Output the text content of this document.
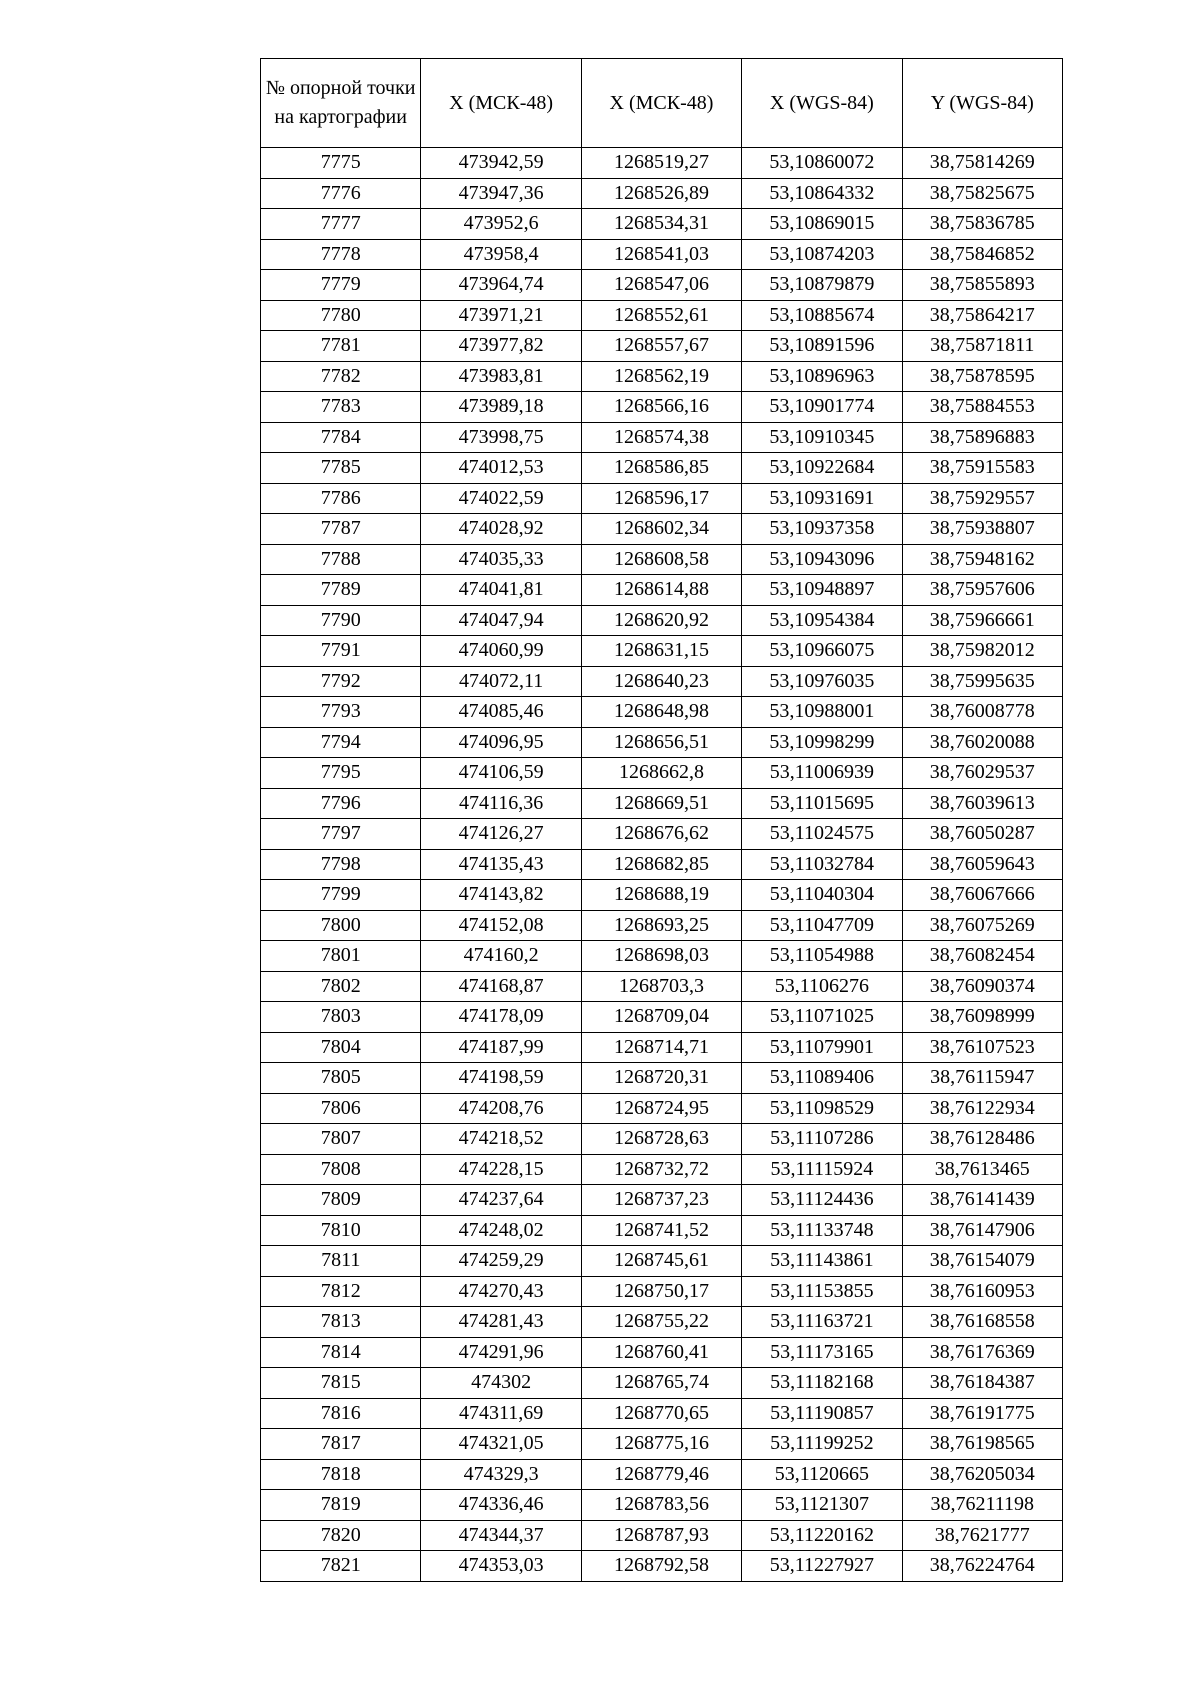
№ опорной точки на картографии	X (МСК-48)	X (МСК-48)	X (WGS-84)	Y (WGS-84)
7775	473942,59	1268519,27	53,10860072	38,75814269
7776	473947,36	1268526,89	53,10864332	38,75825675
7777	473952,6	1268534,31	53,10869015	38,75836785
7778	473958,4	1268541,03	53,10874203	38,75846852
7779	473964,74	1268547,06	53,10879879	38,75855893
7780	473971,21	1268552,61	53,10885674	38,75864217
7781	473977,82	1268557,67	53,10891596	38,75871811
7782	473983,81	1268562,19	53,10896963	38,75878595
7783	473989,18	1268566,16	53,10901774	38,75884553
7784	473998,75	1268574,38	53,10910345	38,75896883
7785	474012,53	1268586,85	53,10922684	38,75915583
7786	474022,59	1268596,17	53,10931691	38,75929557
7787	474028,92	1268602,34	53,10937358	38,75938807
7788	474035,33	1268608,58	53,10943096	38,75948162
7789	474041,81	1268614,88	53,10948897	38,75957606
7790	474047,94	1268620,92	53,10954384	38,75966661
7791	474060,99	1268631,15	53,10966075	38,75982012
7792	474072,11	1268640,23	53,10976035	38,75995635
7793	474085,46	1268648,98	53,10988001	38,76008778
7794	474096,95	1268656,51	53,10998299	38,76020088
7795	474106,59	1268662,8	53,11006939	38,76029537
7796	474116,36	1268669,51	53,11015695	38,76039613
7797	474126,27	1268676,62	53,11024575	38,76050287
7798	474135,43	1268682,85	53,11032784	38,76059643
7799	474143,82	1268688,19	53,11040304	38,76067666
7800	474152,08	1268693,25	53,11047709	38,76075269
7801	474160,2	1268698,03	53,11054988	38,76082454
7802	474168,87	1268703,3	53,1106276	38,76090374
7803	474178,09	1268709,04	53,11071025	38,76098999
7804	474187,99	1268714,71	53,11079901	38,76107523
7805	474198,59	1268720,31	53,11089406	38,76115947
7806	474208,76	1268724,95	53,11098529	38,76122934
7807	474218,52	1268728,63	53,11107286	38,76128486
7808	474228,15	1268732,72	53,11115924	38,7613465
7809	474237,64	1268737,23	53,11124436	38,76141439
7810	474248,02	1268741,52	53,11133748	38,76147906
7811	474259,29	1268745,61	53,11143861	38,76154079
7812	474270,43	1268750,17	53,11153855	38,76160953
7813	474281,43	1268755,22	53,11163721	38,76168558
7814	474291,96	1268760,41	53,11173165	38,76176369
7815	474302	1268765,74	53,11182168	38,76184387
7816	474311,69	1268770,65	53,11190857	38,76191775
7817	474321,05	1268775,16	53,11199252	38,76198565
7818	474329,3	1268779,46	53,1120665	38,76205034
7819	474336,46	1268783,56	53,1121307	38,76211198
7820	474344,37	1268787,93	53,11220162	38,7621777
7821	474353,03	1268792,58	53,11227927	38,76224764
